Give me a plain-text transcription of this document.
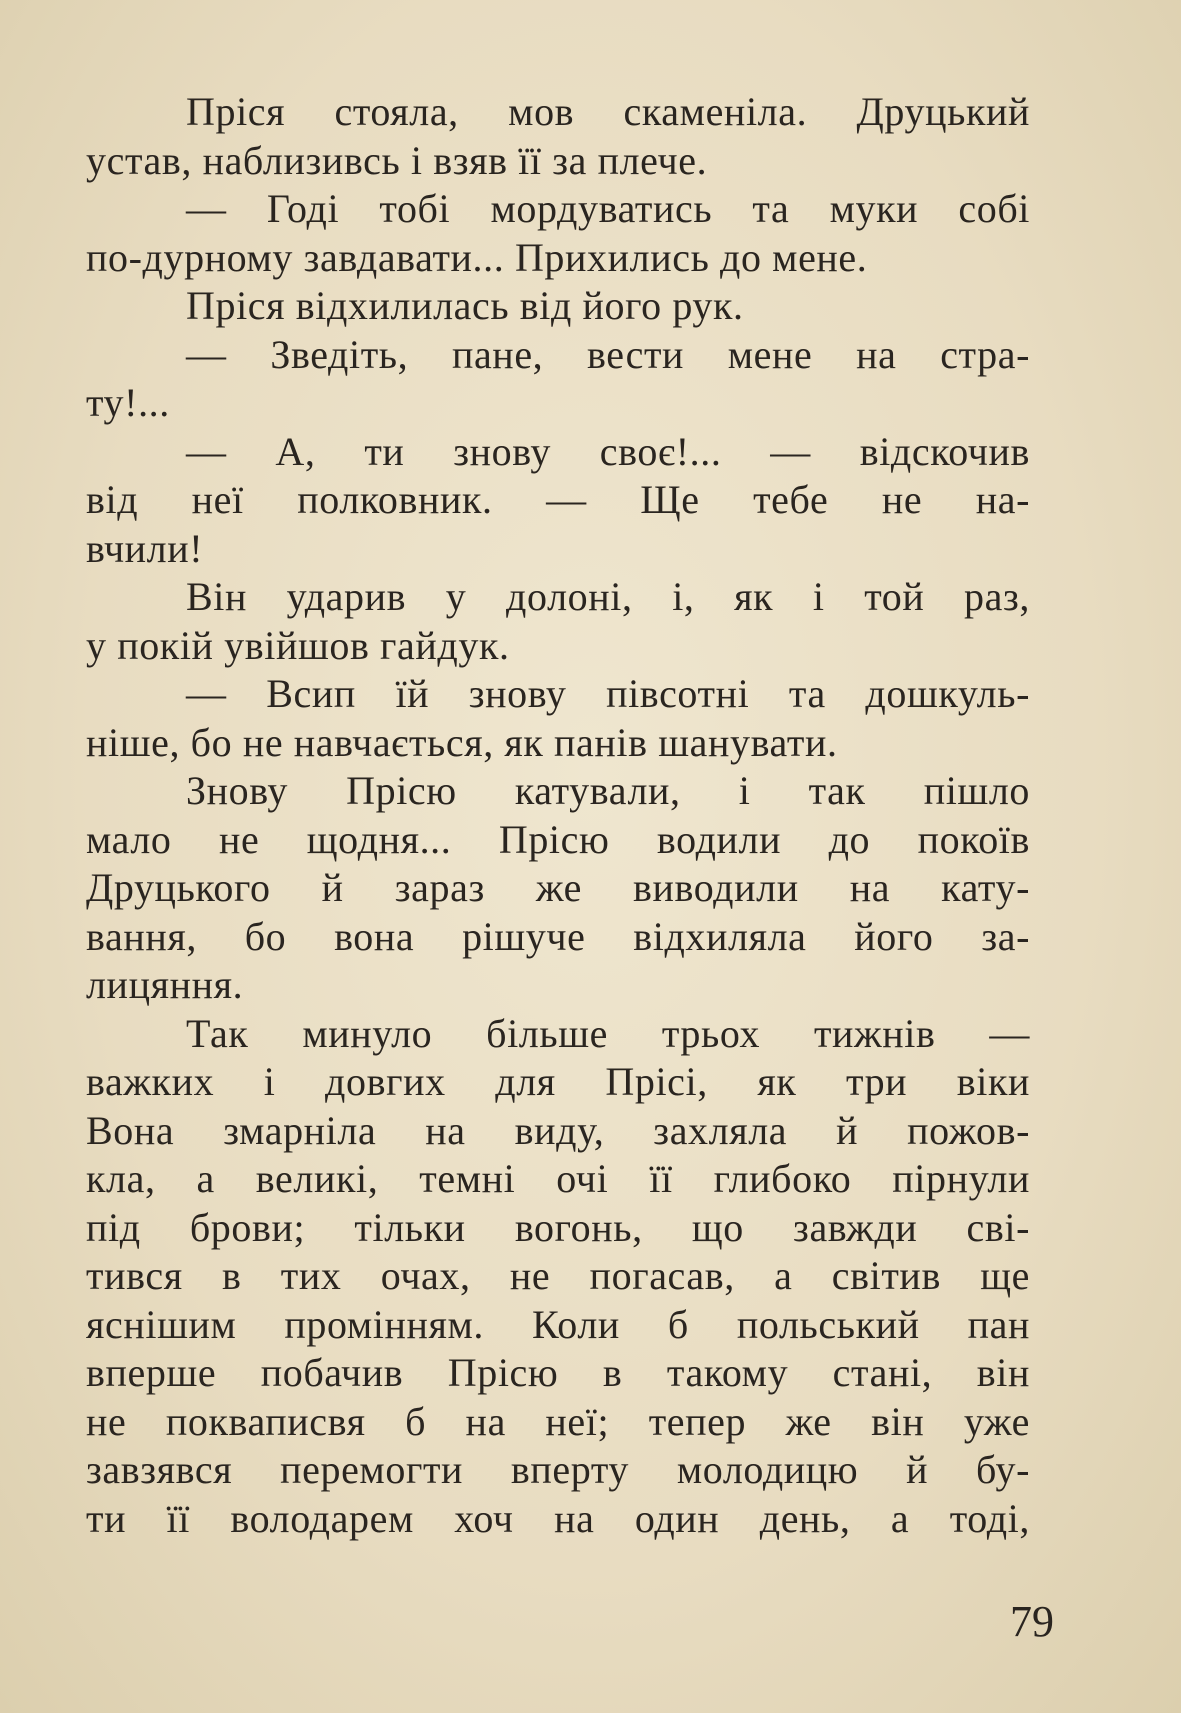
Пріся стояла, мов скаменіла. Друцький
устав, наблизивсь і взяв її за плече.
— Годі тобі мордуватись та муки собі
по-дурному завдавати... Прихились до мене.
Пріся відхилилась від його рук.
— Зведіть, пане, вести мене на стра-
ту!...
— А, ти знову своє!... — відскочив
від неї полковник. — Ще тебе не на-
вчили!
Він ударив у долоні, і, як і той раз,
у покій увійшов гайдук.
— Всип їй знову півсотні та дошкуль-
ніше, бо не навчається, як панів шанувати.
Знову Прісю катували, і так пішло
мало не щодня... Прісю водили до покоїв
Друцького й зараз же виводили на кату-
вання, бо вона рішуче відхиляла його за-
лицяння.
Так минуло більше трьох тижнів —
важких і довгих для Прісі, як три віки
Вона змарніла на виду, захляла й пожов-
кла, а великі, темні очі її глибоко пірнули
під брови; тільки вогонь, що завжди сві-
тився в тих очах, не погасав, а світив ще
яснішим промінням. Коли б польський пан
вперше побачив Прісю в такому стані, він
не покваписвя б на неї; тепер же він уже
завзявся перемогти вперту молодицю й бу-
ти її володарем хоч на один день, а тоді,
79
